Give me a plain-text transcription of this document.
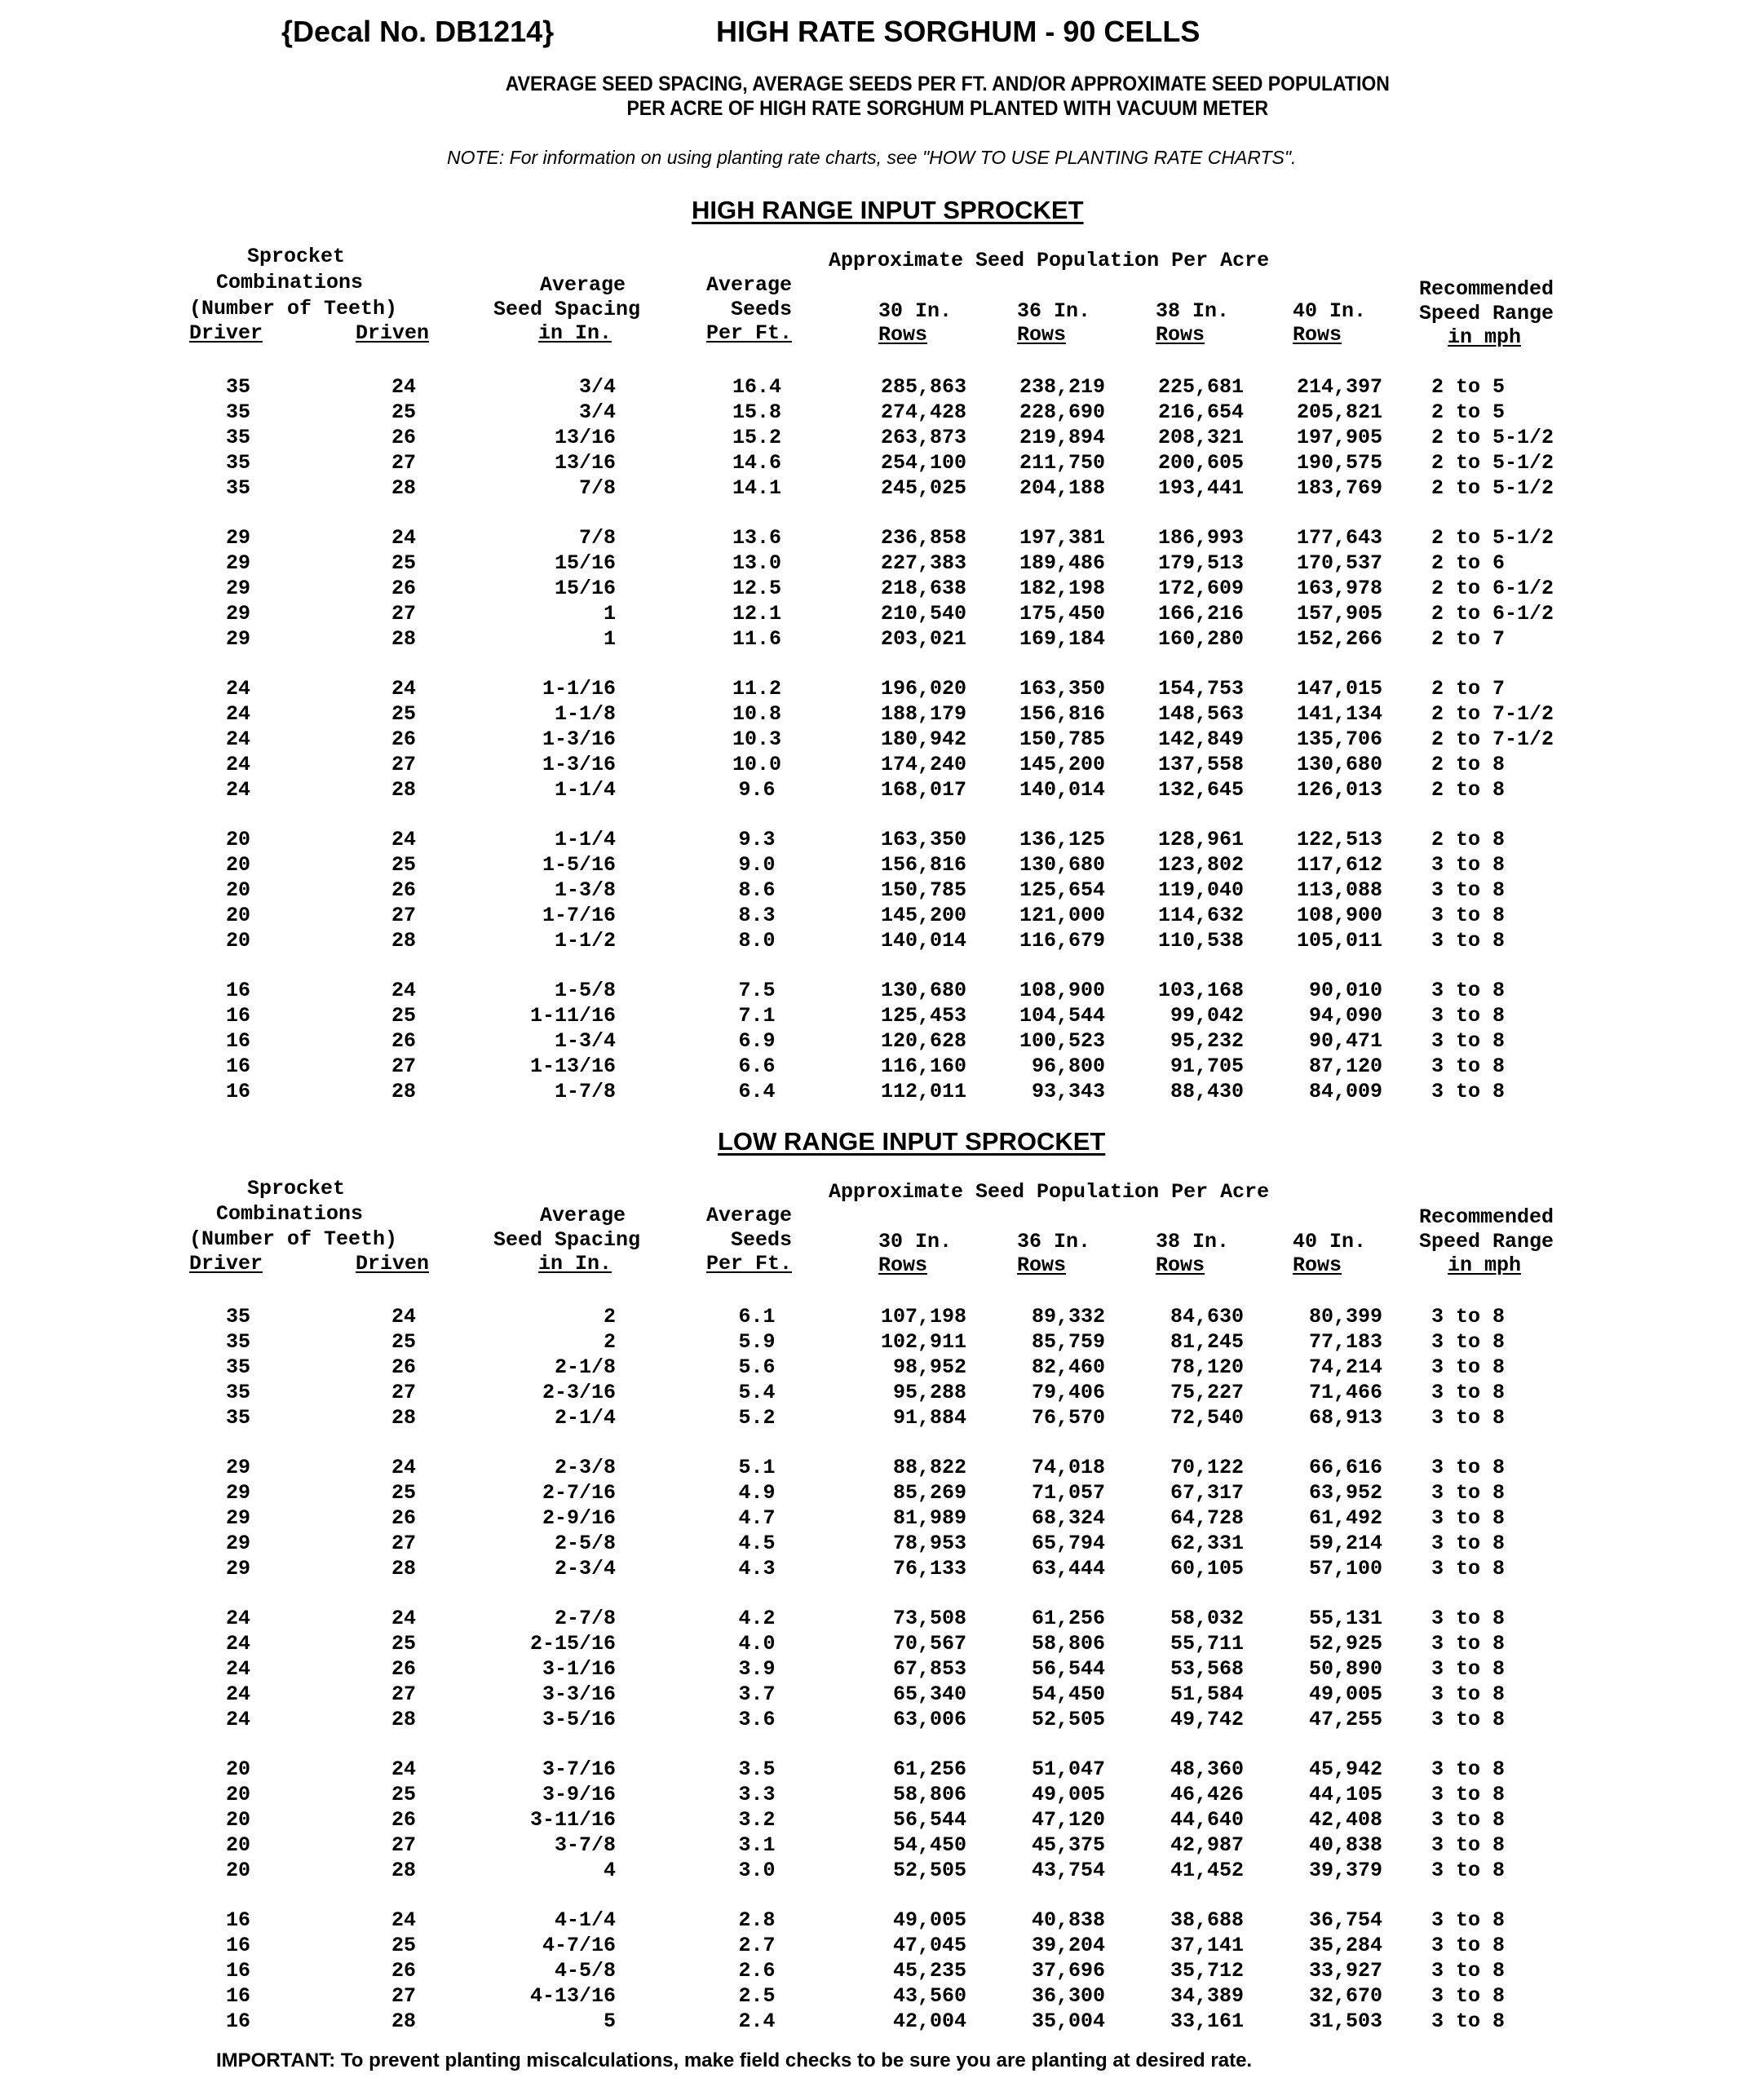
{Decal No. DB1214}	HIGH RATE SORGHUM - 90 CELLS
AVERAGE SEED SPACING, AVERAGE SEEDS PER FT. AND/OR APPROXIMATE SEED POPULATION
PER ACRE OF HIGH RATE SORGHUM PLANTED WITH VACUUM METER
NOTE: For information on using planting rate charts, see "HOW TO USE PLANTING RATE CHARTS".
HIGH RANGE INPUT SPROCKET
Sprocket
Combinations
(Number of Teeth)
Driver	Driven
Average
Seed Spacing
in In.
Average
Seeds
Per Ft.
Approximate Seed Population Per Acre
30 In.
Rows
36 In.
Rows
38 In.
Rows
40 In.
Rows
Recommended
Speed Range
in mph
35	24	3/4	16.4	285,863	238,219	225,681	214,397 2 to 5
35	25	3/4	15.8	274,428	228,690	216,654	205,821 2 to 5
35	26	13/16	15.2	263,873	219,894	208,321	197,905 2 to 5-1/2
35	27	13/16	14.6	254,100	211,750	200,605	190,575 2 to 5-1/2
35	28	7/8	14.1	245,025	204,188	193,441	183,769 2 to 5-1/2
29	24	7/8	13.6	236,858	197,381	186,993	177,643 2 to 5-1/2
29	25	15/16	13.0	227,383	189,486	179,513	170,537 2 to 6
29	26	15/16	12.5	218,638	182,198	172,609	163,978 2 to 6-1/2
29	27	1	12.1	210,540	175,450	166,216	157,905 2 to 6-1/2
29	28	1	11.6	203,021	169,184	160,280	152,266 2 to 7
24	24	1-1/16	11.2	196,020	163,350	154,753	147,015 2 to 7
24	25	1-1/8	10.8	188,179	156,816	148,563	141,134 2 to 7-1/2
24	26	1-3/16	10.3	180,942	150,785	142,849	135,706 2 to 7-1/2
24	27	1-3/16	10.0	174,240	145,200	137,558	130,680 2 to 8
24	28	1-1/4	9.6	168,017	140,014	132,645	126,013 2 to 8
20	24	1-1/4	9.3	163,350	136,125	128,961	122,513 2 to 8
20	25	1-5/16	9.0	156,816	130,680	123,802	117,612 3 to 8
20	26	1-3/8	8.6	150,785	125,654	119,040	113,088 3 to 8
20	27	1-7/16	8.3	145,200	121,000	114,632	108,900 3 to 8
20	28	1-1/2	8.0	140,014	116,679	110,538	105,011 3 to 8
16	24	1-5/8	7.5	130,680	108,900	103,168	90,010 3 to 8
16	25	1-11/16	7.1	125,453	104,544	99,042	94,090 3 to 8
16	26	1-3/4	6.9	120,628	100,523	95,232	90,471 3 to 8
16	27	1-13/16	6.6	116,160	96,800	91,705	87,120 3 to 8
16	28	1-7/8	6.4	112,011	93,343	88,430	84,009 3 to 8
LOW RANGE INPUT SPROCKET
Sprocket
Combinations
(Number of Teeth)
Driver	Driven
Average
Seed Spacing
in In.
Average
Seeds
Per Ft.
Approximate Seed Population Per Acre
30 In.
Rows
36 In.
Rows
38 In.
Rows
40 In.
Rows
Recommended
Speed Range
in mph
35	24	2	6.1	107,198	89,332	84,630	80,399 3 to 8
35	25	2	5.9	102,911	85,759	81,245	77,183 3 to 8
35	26	2-1/8	5.6	98,952	82,460	78,120	74,214 3 to 8
35	27	2-3/16	5.4	95,288	79,406	75,227	71,466 3 to 8
35	28	2-1/4	5.2	91,884	76,570	72,540	68,913 3 to 8
29	24	2-3/8	5.1	88,822	74,018	70,122	66,616 3 to 8
29	25	2-7/16	4.9	85,269	71,057	67,317	63,952 3 to 8
29	26	2-9/16	4.7	81,989	68,324	64,728	61,492 3 to 8
29	27	2-5/8	4.5	78,953	65,794	62,331	59,214 3 to 8
29	28	2-3/4	4.3	76,133	63,444	60,105	57,100 3 to 8
24	24	2-7/8	4.2	73,508	61,256	58,032	55,131 3 to 8
24	25	2-15/16	4.0	70,567	58,806	55,711	52,925 3 to 8
24	26	3-1/16	3.9	67,853	56,544	53,568	50,890 3 to 8
24	27	3-3/16	3.7	65,340	54,450	51,584	49,005 3 to 8
24	28	3-5/16	3.6	63,006	52,505	49,742	47,255 3 to 8
20	24	3-7/16	3.5	61,256	51,047	48,360	45,942 3 to 8
20	25	3-9/16	3.3	58,806	49,005	46,426	44,105 3 to 8
20	26	3-11/16	3.2	56,544	47,120	44,640	42,408 3 to 8
20	27	3-7/8	3.1	54,450	45,375	42,987	40,838 3 to 8
20	28	4	3.0	52,505	43,754	41,452	39,379 3 to 8
16	24	4-1/4	2.8	49,005	40,838	38,688	36,754 3 to 8
16	25	4-7/16	2.7	47,045	39,204	37,141	35,284 3 to 8
16	26	4-5/8	2.6	45,235	37,696	35,712	33,927 3 to 8
16	27	4-13/16	2.5	43,560	36,300	34,389	32,670 3 to 8
16	28	5	2.4	42,004	35,004	33,161	31,503 3 to 8
IMPORTANT: To prevent planting miscalculations, make field checks to be sure you are planting at desired rate.
